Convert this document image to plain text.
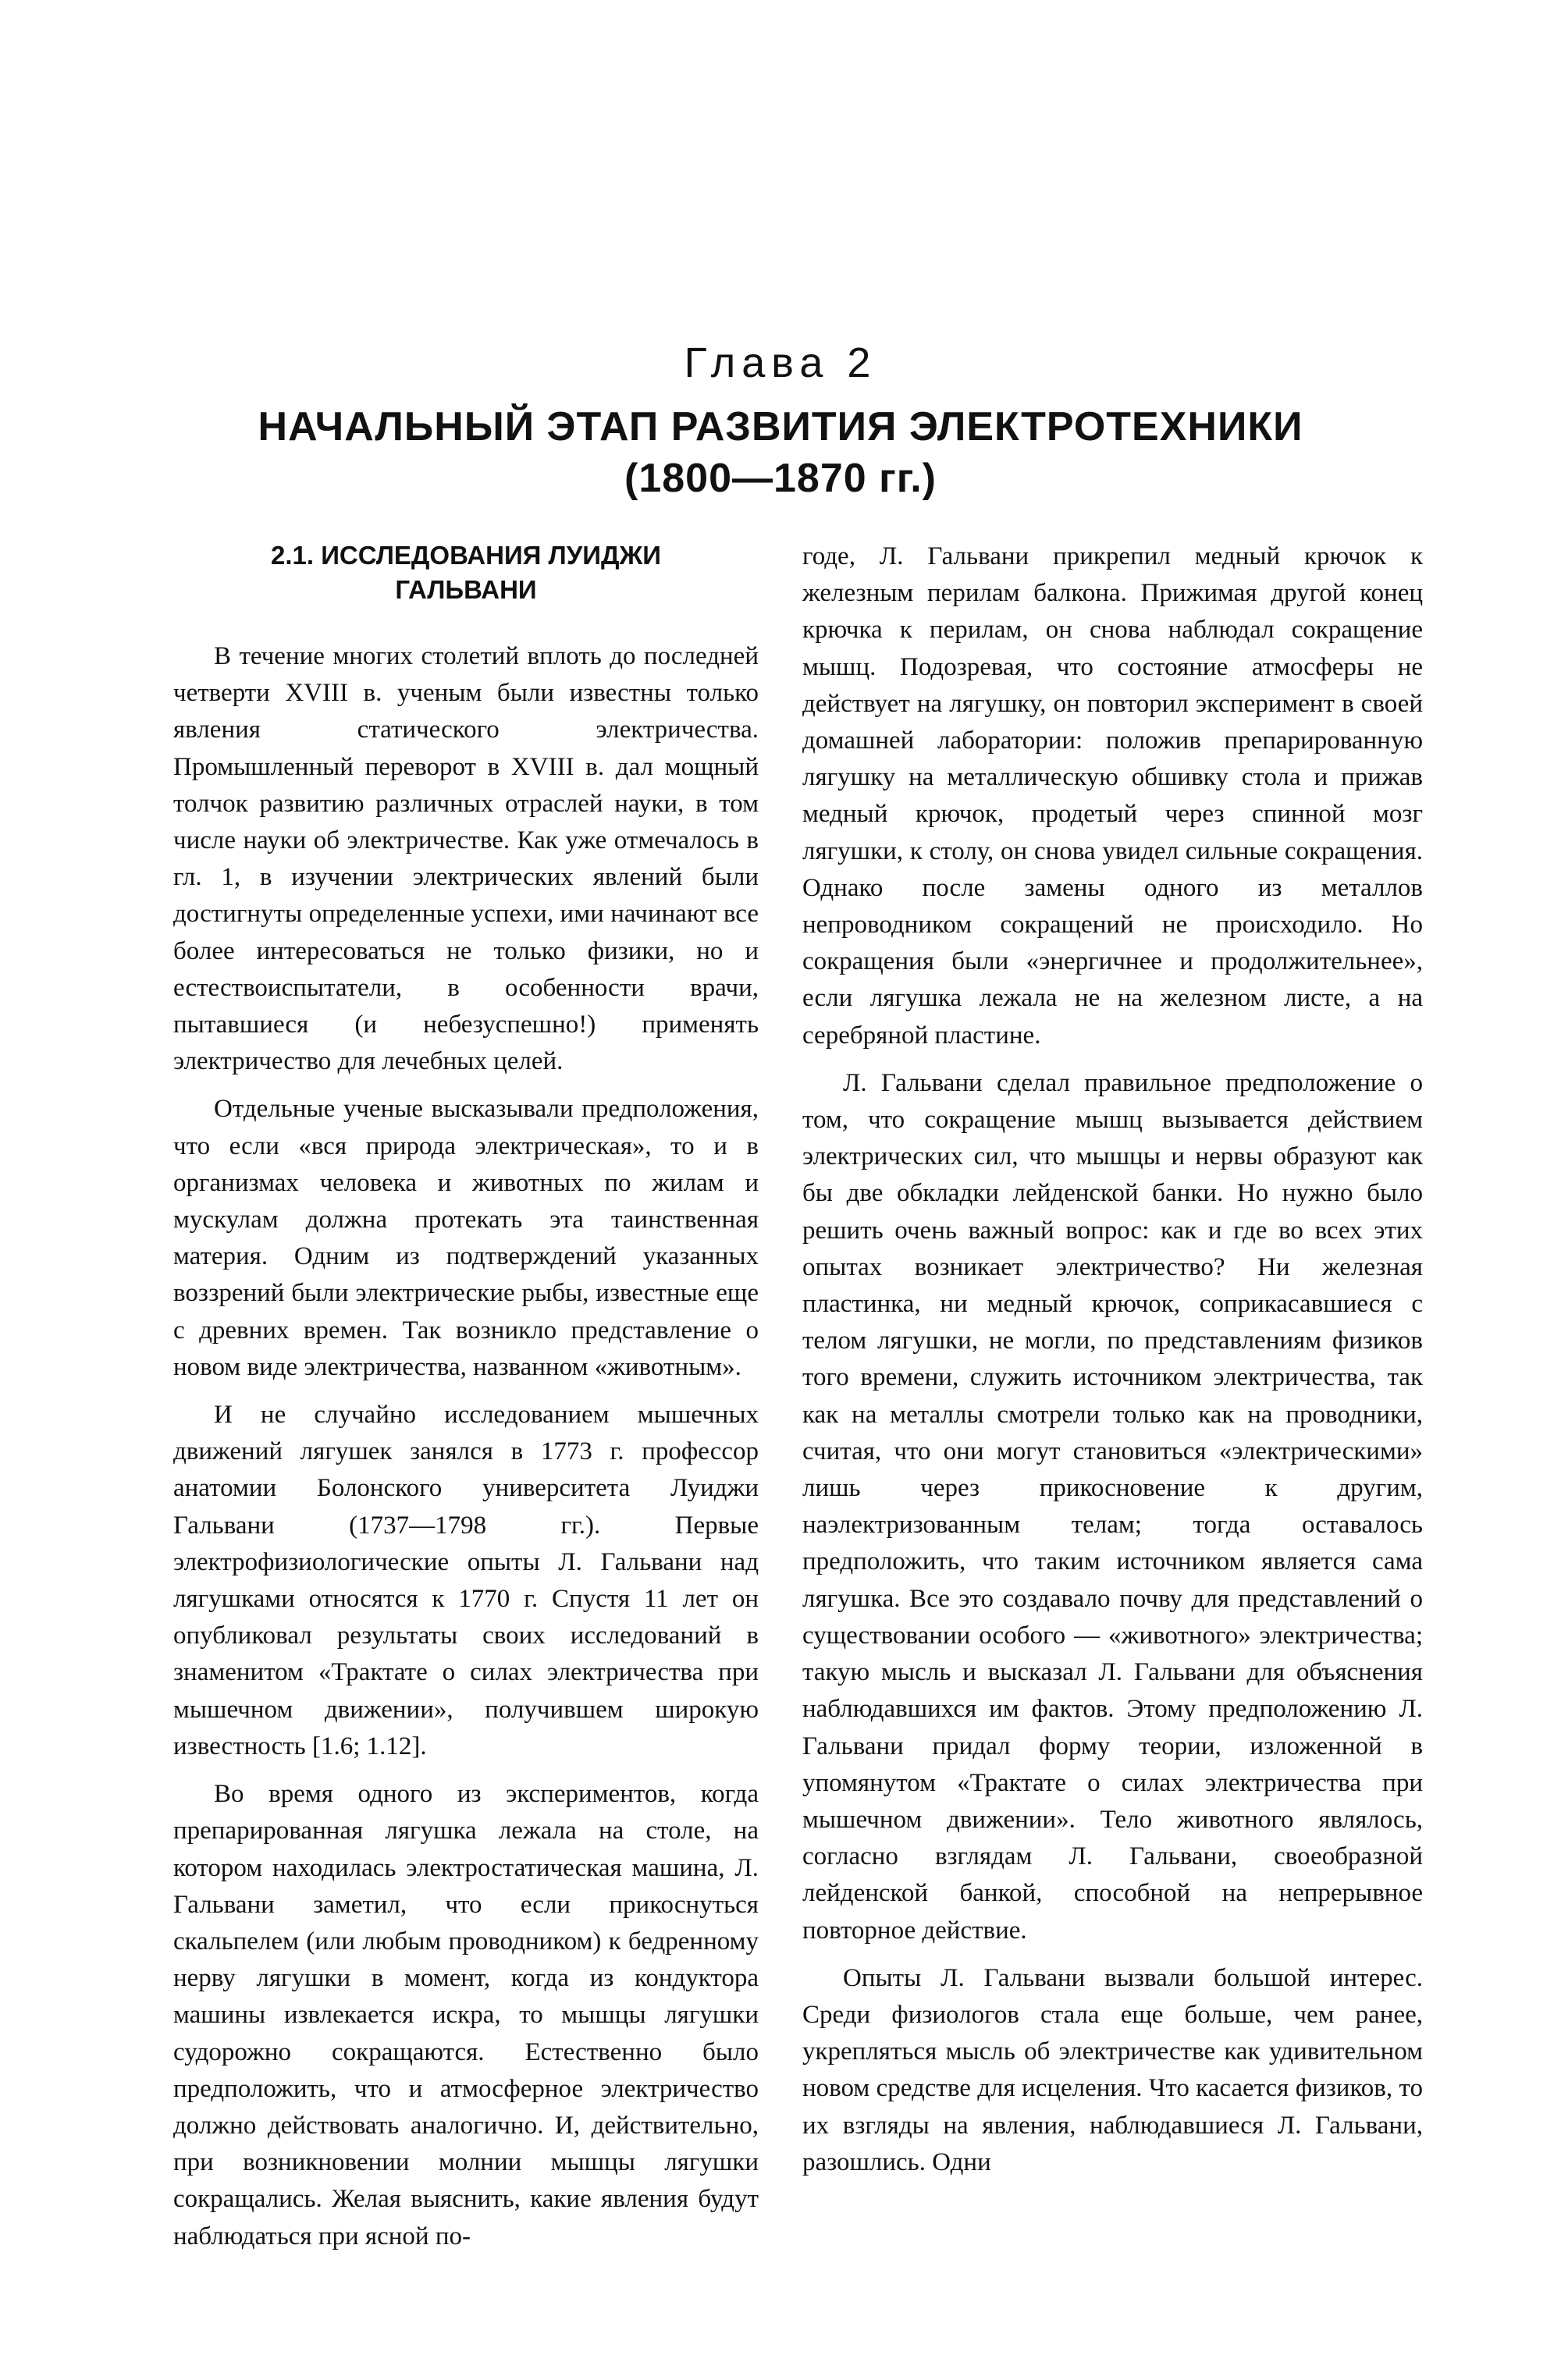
Глава 2
НАЧАЛЬНЫЙ ЭТАП РАЗВИТИЯ ЭЛЕКТРОТЕХНИКИ
(1800—1870 гг.)
2.1. ИССЛЕДОВАНИЯ ЛУИДЖИ
ГАЛЬВАНИ

В течение многих столетий вплоть до последней четверти XVIII в. ученым были известны только явления статического электричества. Промышленный переворот в XVIII в. дал мощный толчок развитию различных отраслей науки, в том числе науки об электричестве. Как уже отмечалось в гл. 1, в изучении электрических явлений были достигнуты определенные успехи, ими начинают все более интересоваться не только физики, но и естествоиспытатели, в особенности врачи, пытавшиеся (и небезуспешно!) применять электричество для лечебных целей.

Отдельные ученые высказывали предположения, что если «вся природа электрическая», то и в организмах человека и животных по жилам и мускулам должна протекать эта таинственная материя. Одним из подтверждений указанных воззрений были электрические рыбы, известные еще с древних времен. Так возникло представление о новом виде электричества, названном «животным».

И не случайно исследованием мышечных движений лягушек занялся в 1773 г. профессор анатомии Болонского университета Луиджи Гальвани (1737—1798 гг.). Первые электрофизиологические опыты Л. Гальвани над лягушками относятся к 1770 г. Спустя 11 лет он опубликовал результаты своих исследований в знаменитом «Трактате о силах электричества при мышечном движении», получившем широкую известность [1.6; 1.12].

Во время одного из экспериментов, когда препарированная лягушка лежала на столе, на котором находилась электростатическая машина, Л. Гальвани заметил, что если прикоснуться скальпелем (или любым проводником) к бедренному нерву лягушки в момент, когда из кондуктора машины извлекается искра, то мышцы лягушки судорожно сокращаются. Естественно было предположить, что и атмосферное электричество должно действовать аналогично. И, действительно, при возникновении молнии мышцы лягушки сокращались. Желая выяснить, какие явления будут наблюдаться при ясной по-

годе, Л. Гальвани прикрепил медный крючок к железным перилам балкона. Прижимая другой конец крючка к перилам, он снова наблюдал сокращение мышц. Подозревая, что состояние атмосферы не действует на лягушку, он повторил эксперимент в своей домашней лаборатории: положив препарированную лягушку на металлическую обшивку стола и прижав медный крючок, продетый через спинной мозг лягушки, к столу, он снова увидел сильные сокращения. Однако после замены одного из металлов непроводником сокращений не происходило. Но сокращения были «энергичнее и продолжительнее», если лягушка лежала не на железном листе, а на серебряной пластине.

Л. Гальвани сделал правильное предположение о том, что сокращение мышц вызывается действием электрических сил, что мышцы и нервы образуют как бы две обкладки лейденской банки. Но нужно было решить очень важный вопрос: как и где во всех этих опытах возникает электричество? Ни железная пластинка, ни медный крючок, соприкасавшиеся с телом лягушки, не могли, по представлениям физиков того времени, служить источником электричества, так как на металлы смотрели только как на проводники, считая, что они могут становиться «электрическими» лишь через прикосновение к другим, наэлектризованным телам; тогда оставалось предположить, что таким источником является сама лягушка. Все это создавало почву для представлений о существовании особого — «животного» электричества; такую мысль и высказал Л. Гальвани для объяснения наблюдавшихся им фактов. Этому предположению Л. Гальвани придал форму теории, изложенной в упомянутом «Трактате о силах электричества при мышечном движении». Тело животного являлось, согласно взглядам Л. Гальвани, своеобразной лейденской банкой, способной на непрерывное повторное действие.

Опыты Л. Гальвани вызвали большой интерес. Среди физиологов стала еще больше, чем ранее, укрепляться мысль об электричестве как удивительном новом средстве для исцеления. Что касается физиков, то их взгляды на явления, наблюдавшиеся Л. Гальвани, разошлись. Одни
